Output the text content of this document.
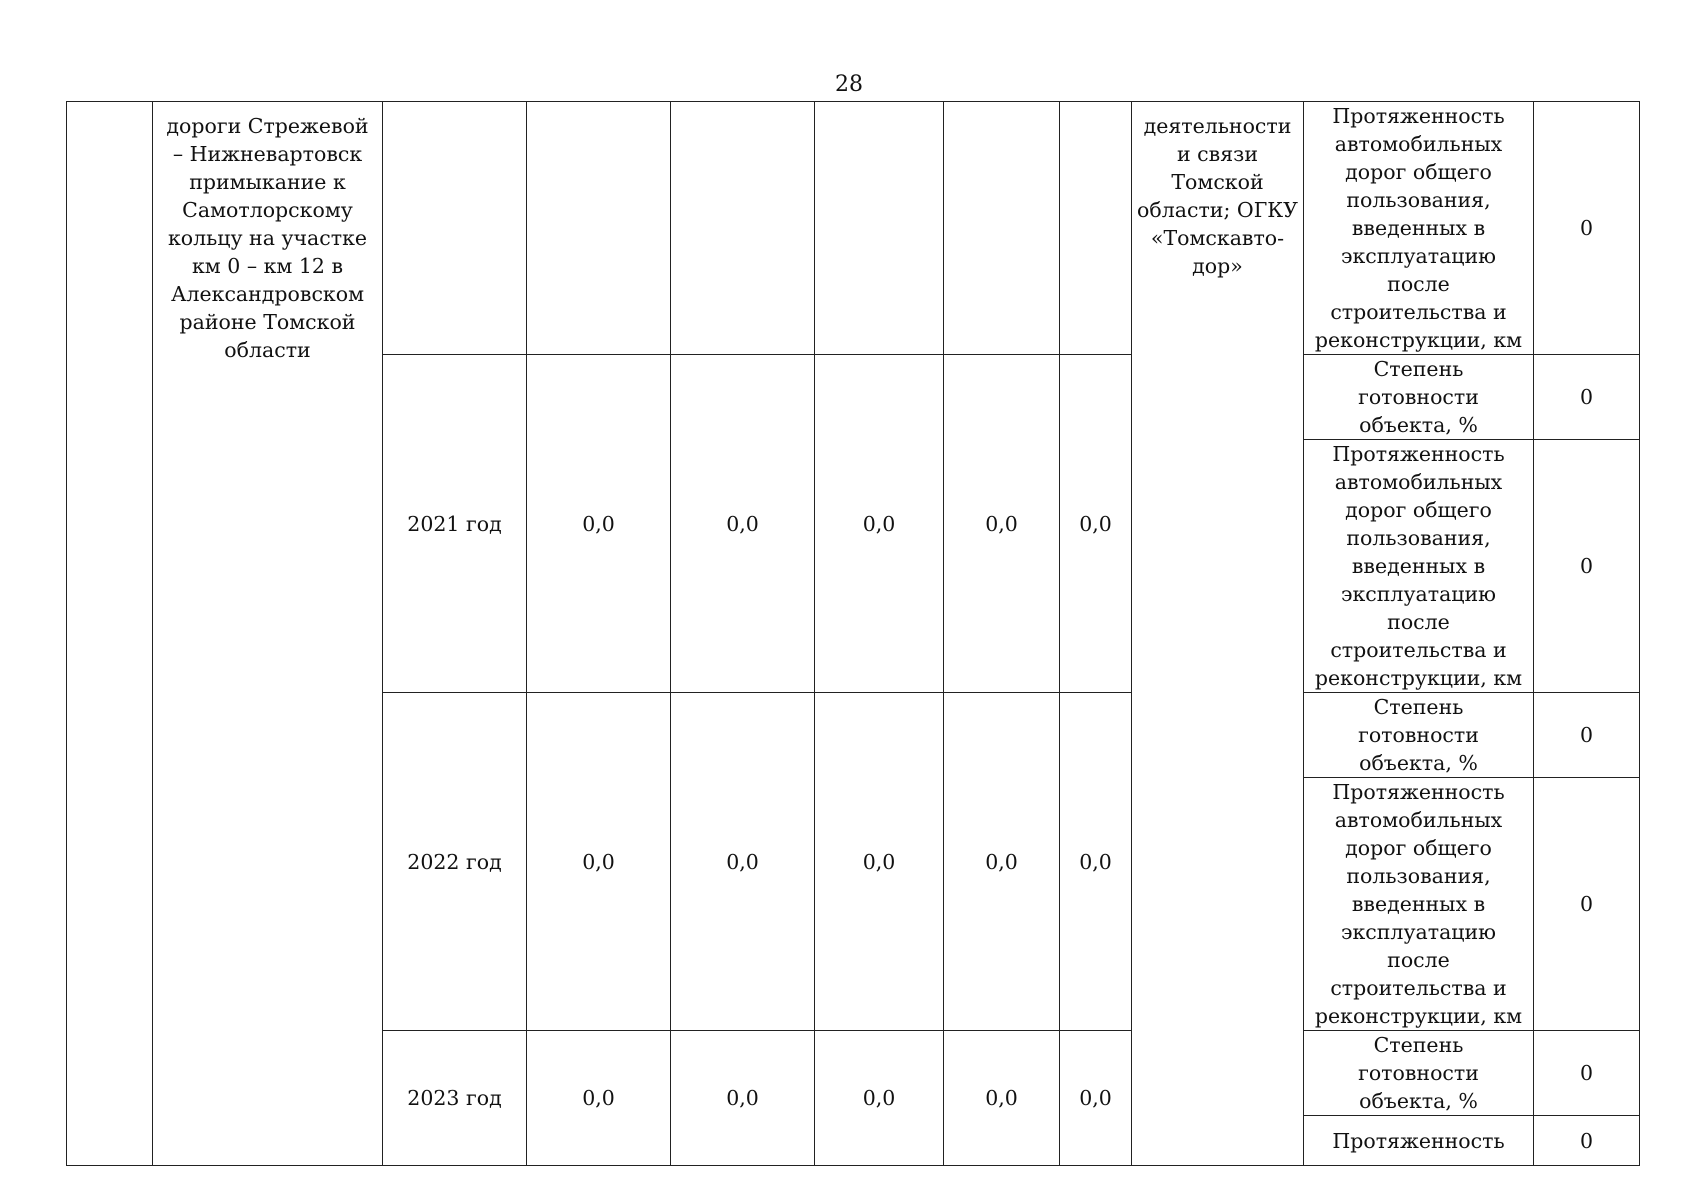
28
	дороги Стрежевой – Нижневартовск примыкание к Самотлорскому кольцу на участке км 0 – км 12 в Александровском районе Томской области							деятельности и связи Томской области; ОГКУ «Томскавто-дор»	Протяженность автомобильных дорог общего пользования, введенных в эксплуатацию после строительства и реконструкции, км	0
		2021 год	0,0	0,0	0,0	0,0	0,0		Степень готовности объекта, %	0

									Протяженность автомобильных дорог общего пользования, введенных в эксплуатацию после строительства и реконструкции, км	0
		2022 год	0,0	0,0	0,0	0,0	0,0		Степень готовности объекта, %	0

									Протяженность автомобильных дорог общего пользования, введенных в эксплуатацию после строительства и реконструкции, км	0
		2023 год	0,0	0,0	0,0	0,0	0,0		Степень готовности объекта, %	0

									Протяженность	0
